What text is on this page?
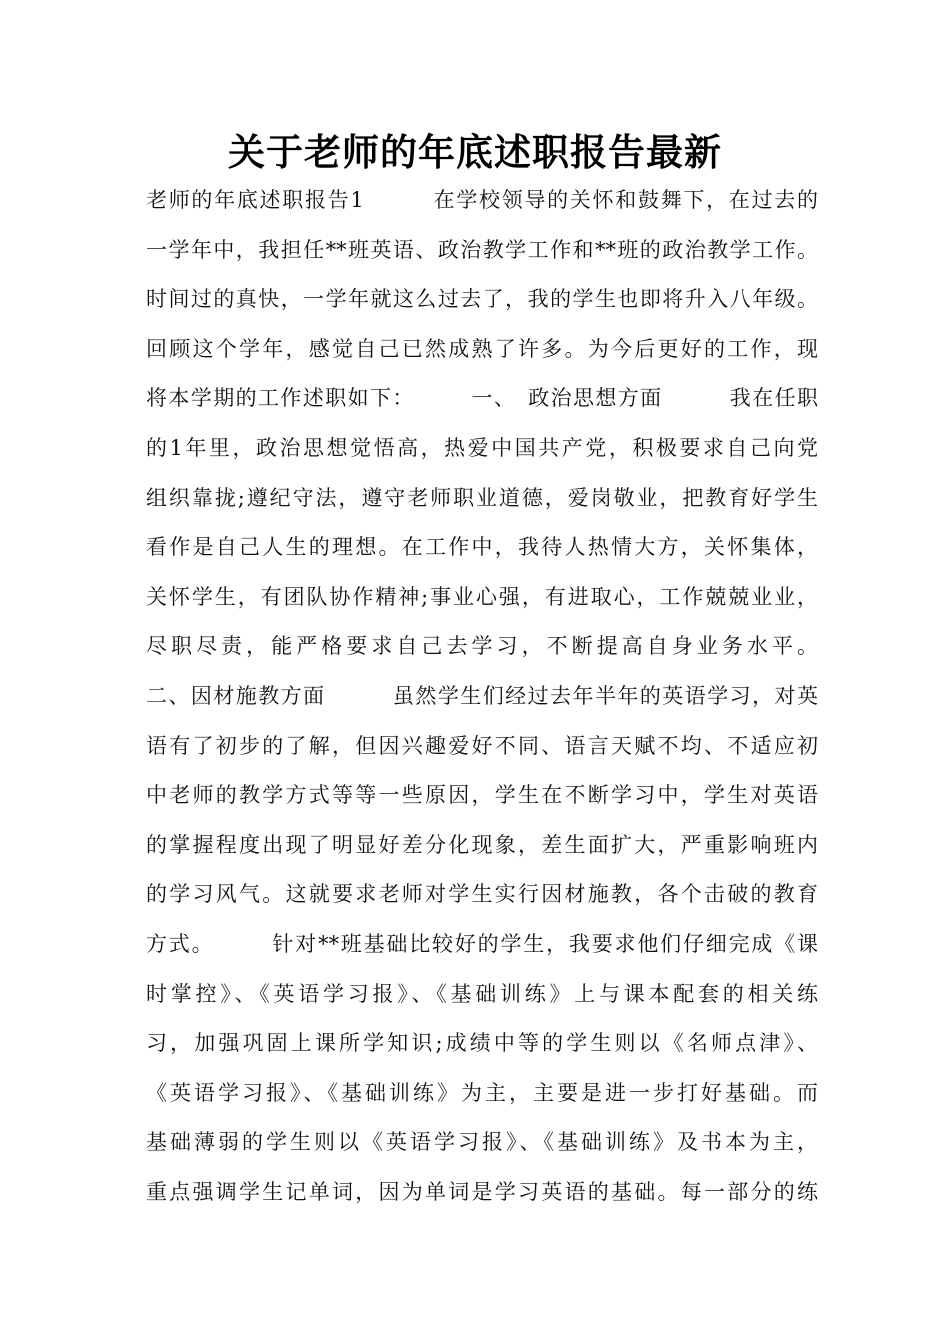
关于老师的年底述职报告最新
老师的年底述职报告1　　　在学校领导的关怀和鼓舞下，在过去的
一学年中，我担任**班英语、政治教学工作和**班的政治教学工作。
时间过的真快，一学年就这么过去了，我的学生也即将升入八年级。
回顾这个学年，感觉自己已然成熟了许多。为今后更好的工作，现
将本学期的工作述职如下：　　　一、　政治思想方面　　　我在任职
的1年里，政治思想觉悟高，热爱中国共产党，积极要求自己向党
组织靠拢;遵纪守法，遵守老师职业道德，爱岗敬业，把教育好学生
看作是自己人生的理想。在工作中，我待人热情大方，关怀集体，
关怀学生，有团队协作精神;事业心强，有进取心，工作兢兢业业，
尽职尽责，能严格要求自己去学习，不断提高自身业务水平。
二、因材施教方面　　　虽然学生们经过去年半年的英语学习，对英
语有了初步的了解，但因兴趣爱好不同、语言天赋不均、不适应初
中老师的教学方式等等一些原因，学生在不断学习中，学生对英语
的掌握程度出现了明显好差分化现象，差生面扩大，严重影响班内
的学习风气。这就要求老师对学生实行因材施教，各个击破的教育
方式。　　　针对**班基础比较好的学生，我要求他们仔细完成《课
时掌控》、《英语学习报》、《基础训练》上与课本配套的相关练
习，加强巩固上课所学知识;成绩中等的学生则以《名师点津》、
《英语学习报》、《基础训练》为主，主要是进一步打好基础。而
基础薄弱的学生则以《英语学习报》、《基础训练》及书本为主，
重点强调学生记单词，因为单词是学习英语的基础。每一部分的练
